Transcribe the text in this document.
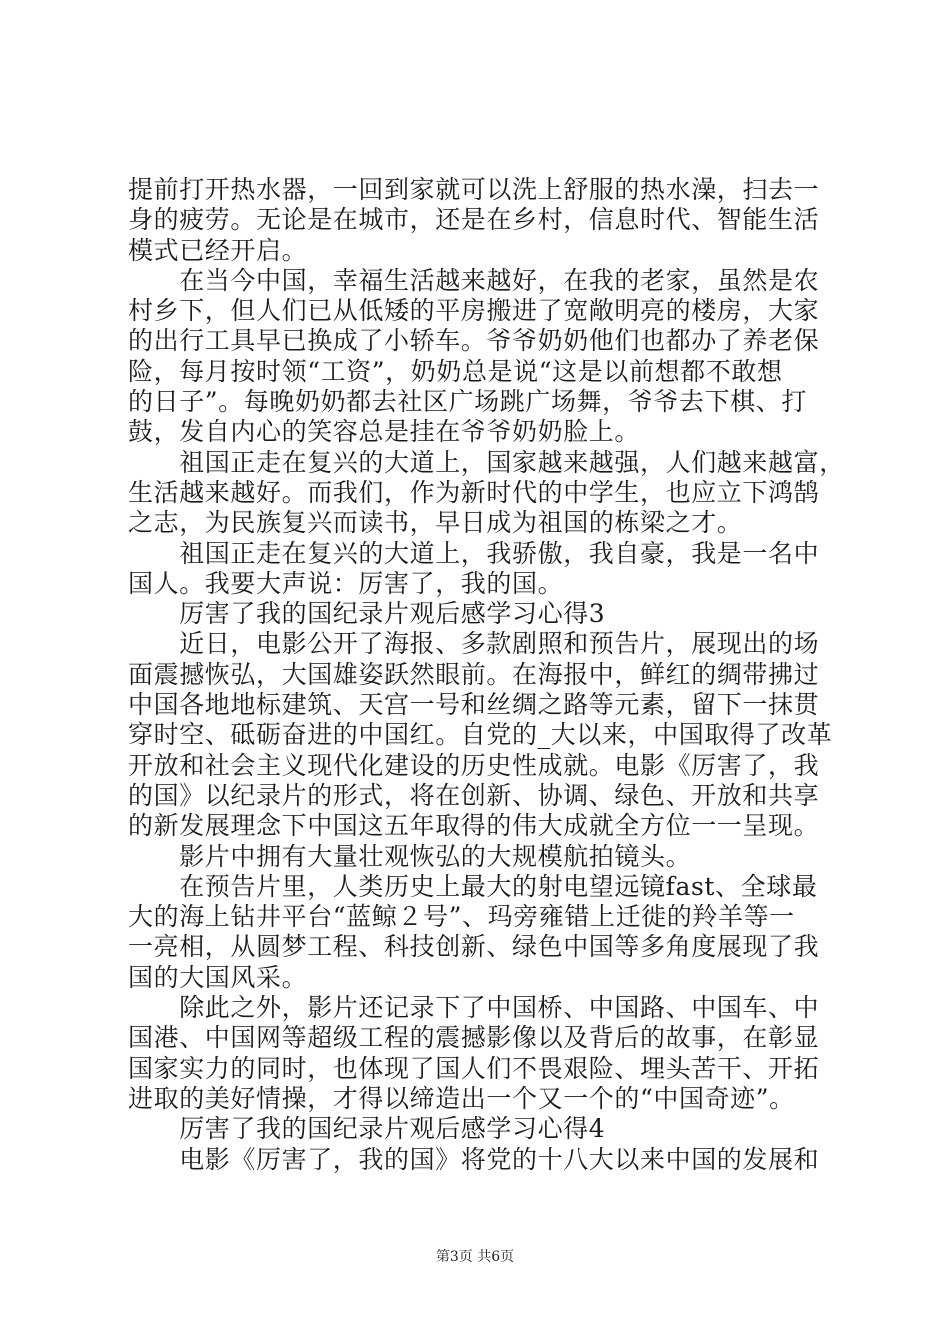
提前打开热水器，一回到家就可以洗上舒服的热水澡，扫去一
身的疲劳。无论是在城市，还是在乡村，信息时代、智能生活
模式已经开启。
　　在当今中国，幸福生活越来越好，在我的老家，虽然是农
村乡下，但人们已从低矮的平房搬进了宽敞明亮的楼房，大家
的出行工具早已换成了小轿车。爷爷奶奶他们也都办了养老保
险，每月按时领“工资”，奶奶总是说“这是以前想都不敢想
的日子”。每晚奶奶都去社区广场跳广场舞，爷爷去下棋、打
鼓，发自内心的笑容总是挂在爷爷奶奶脸上。
　　祖国正走在复兴的大道上，国家越来越强，人们越来越富，
生活越来越好。而我们，作为新时代的中学生，也应立下鸿鹄
之志，为民族复兴而读书，早日成为祖国的栋梁之才。
　　祖国正走在复兴的大道上，我骄傲，我自豪，我是一名中
国人。我要大声说：厉害了，我的国。
　　厉害了我的国纪录片观后感学习心得3
　　近日，电影公开了海报、多款剧照和预告片，展现出的场
面震撼恢弘，大国雄姿跃然眼前。在海报中，鲜红的绸带拂过
中国各地地标建筑、天宫一号和丝绸之路等元素，留下一抹贯
穿时空、砥砺奋进的中国红。自党的_大以来，中国取得了改革
开放和社会主义现代化建设的历史性成就。电影《厉害了，我
的国》以纪录片的形式，将在创新、协调、绿色、开放和共享
的新发展理念下中国这五年取得的伟大成就全方位一一呈现。
　　影片中拥有大量壮观恢弘的大规模航拍镜头。
　　在预告片里，人类历史上最大的射电望远镜fast、全球最
大的海上钻井平台“蓝鲸２号”、玛旁雍错上迁徙的羚羊等一
一亮相，从圆梦工程、科技创新、绿色中国等多角度展现了我
国的大国风采。
　　除此之外，影片还记录下了中国桥、中国路、中国车、中
国港、中国网等超级工程的震撼影像以及背后的故事，在彰显
国家实力的同时，也体现了国人们不畏艰险、埋头苦干、开拓
进取的美好情操，才得以缔造出一个又一个的“中国奇迹”。
　　厉害了我的国纪录片观后感学习心得4
　　电影《厉害了，我的国》将党的十八大以来中国的发展和
第3页 共6页
